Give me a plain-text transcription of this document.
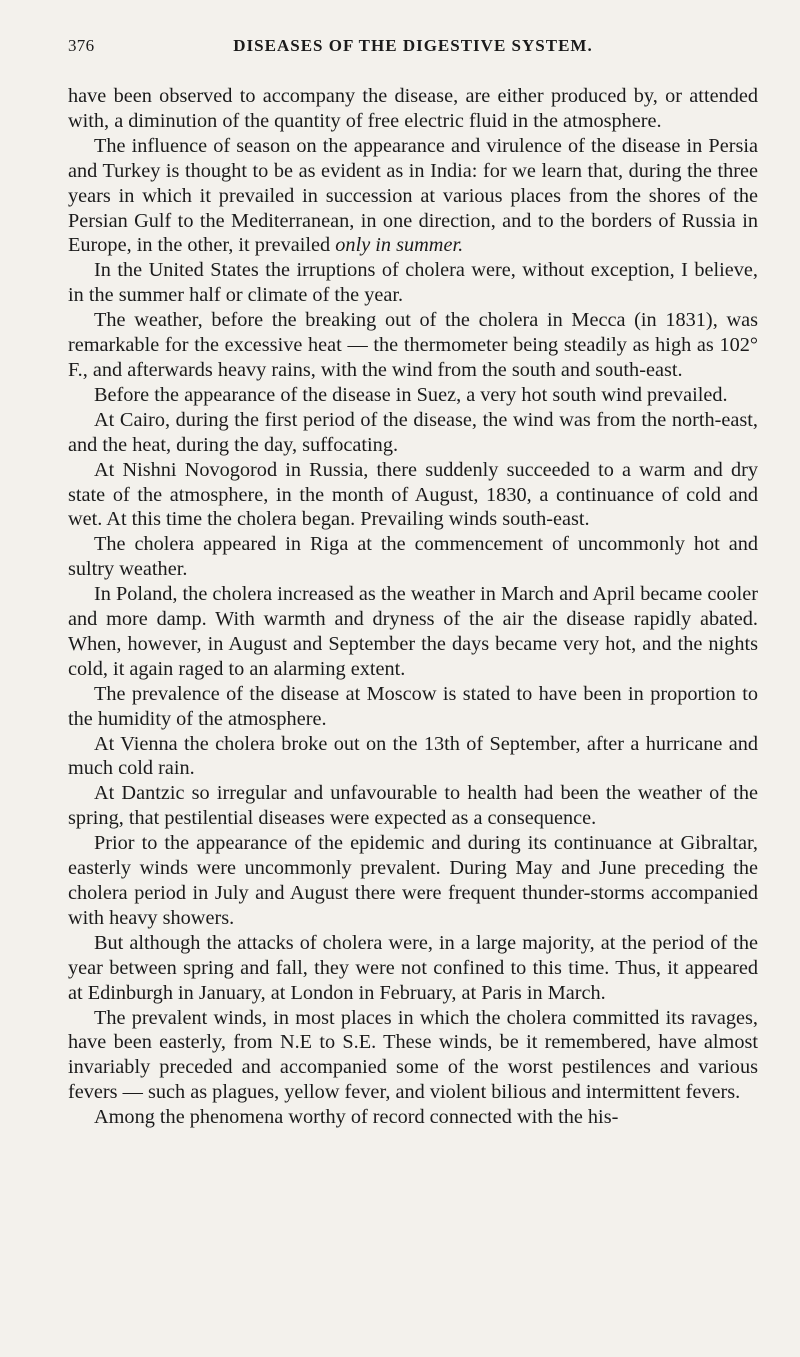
376	DISEASES OF THE DIGESTIVE SYSTEM.

have been observed to accompany the disease, are either produced by, or attended with, a diminution of the quantity of free electric fluid in the atmosphere.

The influence of season on the appearance and virulence of the disease in Persia and Turkey is thought to be as evident as in India: for we learn that, during the three years in which it prevailed in succession at various places from the shores of the Persian Gulf to the Mediterranean, in one direction, and to the borders of Russia in Europe, in the other, it prevailed only in summer.

In the United States the irruptions of cholera were, without exception, I believe, in the summer half or climate of the year.

The weather, before the breaking out of the cholera in Mecca (in 1831), was remarkable for the excessive heat — the thermometer being steadily as high as 102° F., and afterwards heavy rains, with the wind from the south and south-east.

Before the appearance of the disease in Suez, a very hot south wind prevailed.

At Cairo, during the first period of the disease, the wind was from the north-east, and the heat, during the day, suffocating.

At Nishni Novogorod in Russia, there suddenly succeeded to a warm and dry state of the atmosphere, in the month of August, 1830, a continuance of cold and wet. At this time the cholera began. Prevailing winds south-east.

The cholera appeared in Riga at the commencement of uncommonly hot and sultry weather.

In Poland, the cholera increased as the weather in March and April became cooler and more damp. With warmth and dryness of the air the disease rapidly abated. When, however, in August and September the days became very hot, and the nights cold, it again raged to an alarming extent.

The prevalence of the disease at Moscow is stated to have been in proportion to the humidity of the atmosphere.

At Vienna the cholera broke out on the 13th of September, after a hurricane and much cold rain.

At Dantzic so irregular and unfavourable to health had been the weather of the spring, that pestilential diseases were expected as a consequence.

Prior to the appearance of the epidemic and during its continuance at Gibraltar, easterly winds were uncommonly prevalent. During May and June preceding the cholera period in July and August there were frequent thunder-storms accompanied with heavy showers.

But although the attacks of cholera were, in a large majority, at the period of the year between spring and fall, they were not confined to this time. Thus, it appeared at Edinburgh in January, at London in February, at Paris in March.

The prevalent winds, in most places in which the cholera committed its ravages, have been easterly, from N.E to S.E. These winds, be it remembered, have almost invariably preceded and accompanied some of the worst pestilences and various fevers — such as plagues, yellow fever, and violent bilious and intermittent fevers.

Among the phenomena worthy of record connected with the his-
